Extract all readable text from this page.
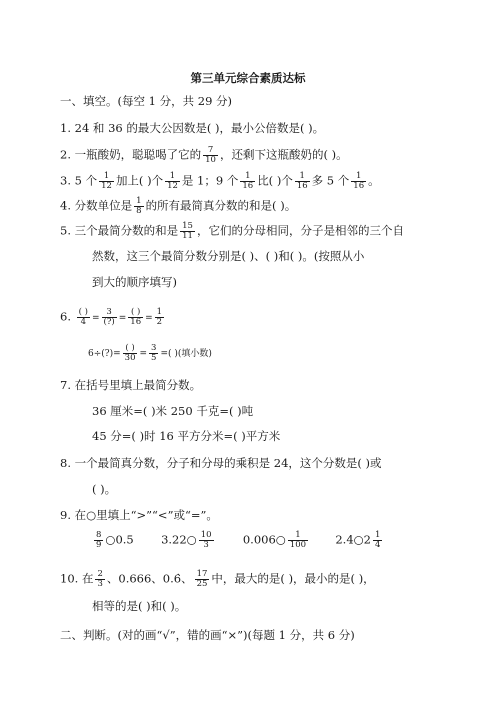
第三单元综合素质达标
一、填空。(每空 1 分，共 29 分)
1. 24 和 36 的最大公因数是( )，最小公倍数是( )。
2. 一瓶酸奶，聪聪喝了它的 $\frac{7}{10}$ ，还剩下这瓶酸奶的( )。
3. 5 个 $\frac{1}{12}$ 加上( )个 $\frac{1}{12}$ 是 1；9 个 $\frac{1}{16}$ 比( )个 $\frac{1}{16}$ 多 5 个 $\frac{1}{16}$ 。
4. 分数单位是 $\frac{1}{8}$ 的所有最简真分数的和是( )。
5. 三个最简分数的和是 $\frac{15}{11}$ ，它们的分母相同，分子是相邻的三个自
然数，这三个最简分数分别是( )、( )和( )。(按照从小
到大的顺序填写)
6. $\frac{( )}{4} = \frac{3}{(?)} = \frac{( )}{16} = \frac{1}{2}$
6÷(?)= $\frac{( )}{30} = \frac{3}{5}$ =( )(填小数)
7. 在括号里填上最简分数。
36 厘米=( )米 250 千克=( )吨
45 分=( )时 16 平方分米=( )平方米
8. 一个最简真分数，分子和分母的乘积是 24，这个分数是( )或
( )。
9. 在○里填上“>”“<”或“=”。
$\frac{8}{9}$ ○0.5 3.22○ $\frac{10}{3}$	0.006○ $\frac{1}{100}$ 2.4○2 $\frac{1}{4}$
10. 在 $\frac{2}{3}$ 、0.666、0.6̇、 $\frac{17}{25}$ 中，最大的是( )，最小的是( )，
相等的是( )和( )。
二、判断。(对的画“√”，错的画“×”)(每题 1 分，共 6 分)
